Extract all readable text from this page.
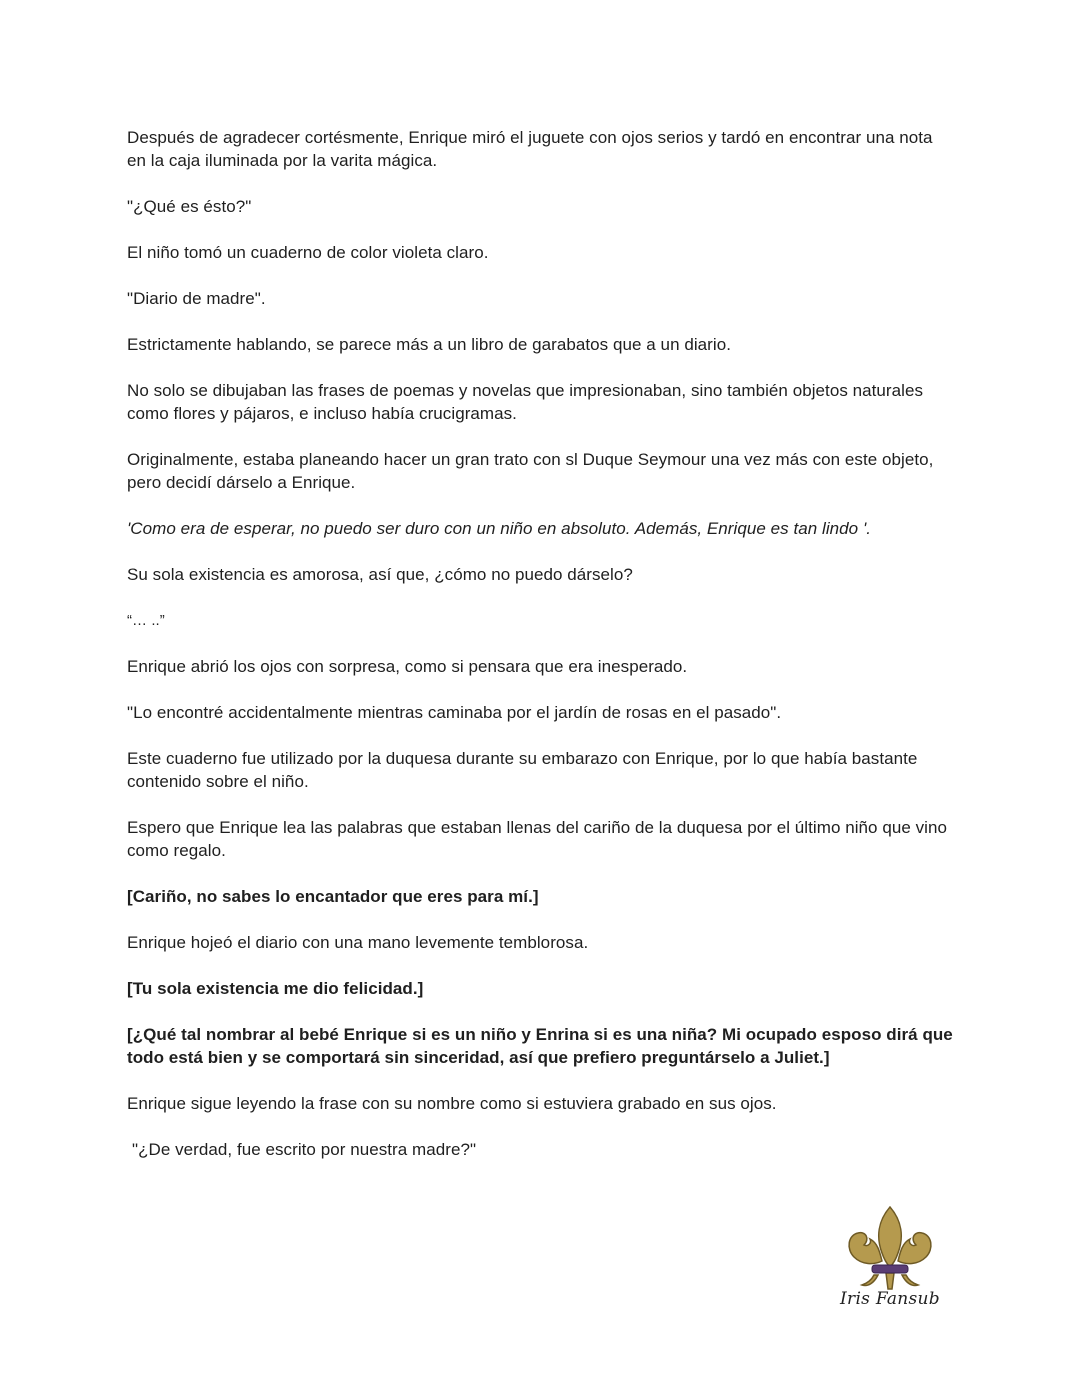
Después de agradecer cortésmente, Enrique miró el juguete con ojos serios y tardó en encontrar una nota en la caja iluminada por la varita mágica.

"¿Qué es ésto?"

El niño tomó un cuaderno de color violeta claro.

"Diario de madre".

Estrictamente hablando, se parece más a un libro de garabatos que a un diario.

No solo se dibujaban las frases de poemas y novelas que impresionaban, sino también objetos naturales como flores y pájaros, e incluso había crucigramas.

Originalmente, estaba planeando hacer un gran trato con sl Duque Seymour una vez más con este objeto, pero decidí dárselo a Enrique.

'Como era de esperar, no puedo ser duro con un niño en absoluto. Además, Enrique es tan lindo '.

Su sola existencia es amorosa, así que, ¿cómo no puedo dárselo?

“… ..”

Enrique abrió los ojos con sorpresa, como si pensara que era inesperado.

"Lo encontré accidentalmente mientras caminaba por el jardín de rosas en el pasado".

Este cuaderno fue utilizado por la duquesa durante su embarazo con Enrique, por lo que había bastante contenido sobre el niño.

Espero que Enrique lea las palabras que estaban llenas del cariño de la duquesa por el último niño que vino como regalo.

[Cariño, no sabes lo encantador que eres para mí.]

Enrique hojeó el diario con una mano levemente temblorosa.

[Tu sola existencia me dio felicidad.]

[¿Qué tal nombrar al bebé Enrique si es un niño y Enrina si es una niña? Mi ocupado esposo dirá que todo está bien y se comportará sin sinceridad, así que prefiero preguntárselo a Juliet.]

Enrique sigue leyendo la frase con su nombre como si estuviera grabado en sus ojos.

"¿De verdad, fue escrito por nuestra madre?"

Iris Fansub
